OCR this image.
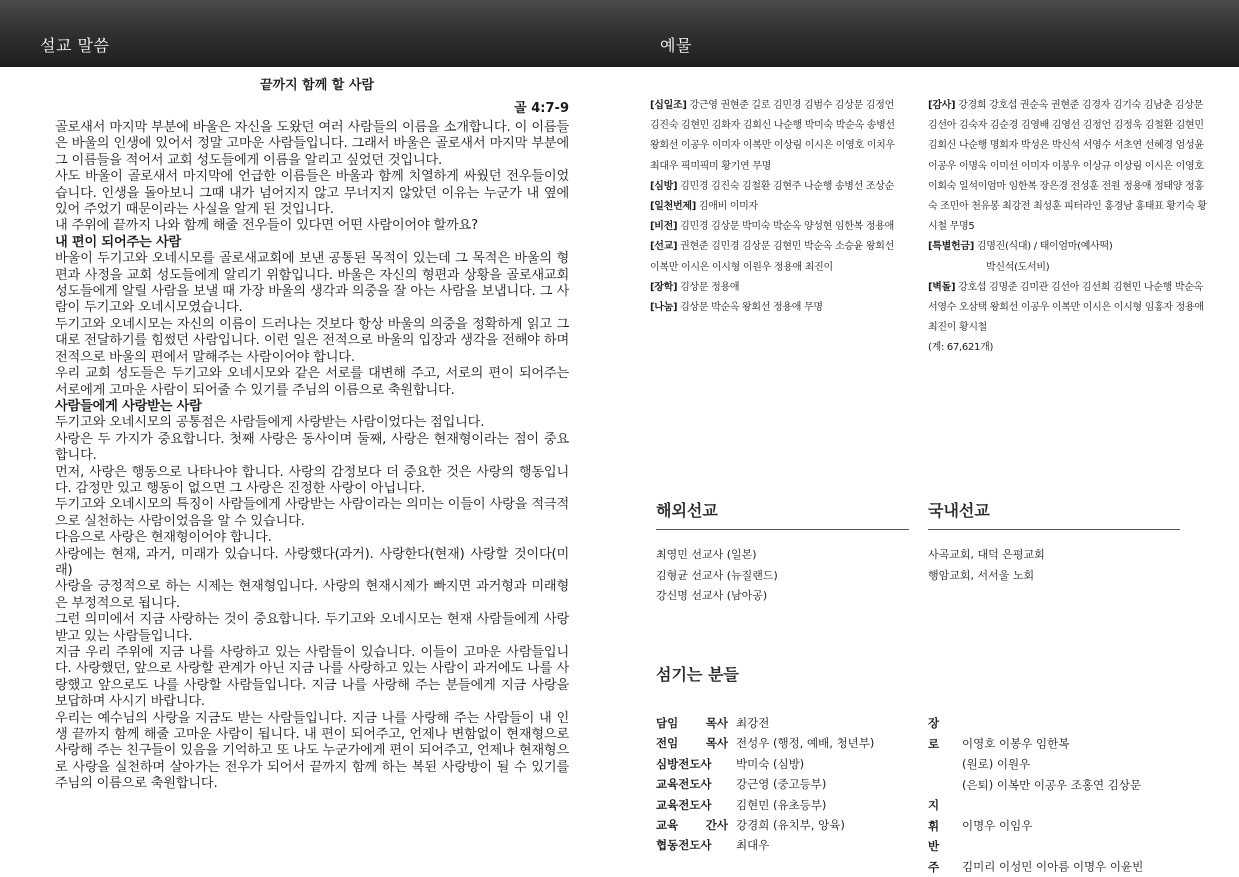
설교 말씀	예물
끝까지 함께 할 사람
골 4:7-9

골로새서 마지막 부분에 바울은 자신을 도왔던 여러 사람들의 이름을 소개합니다. 이 이름들은 바울의 인생에 있어서 정말 고마운 사람들입니다. 그래서 바울은 골로새서 마지막 부분에 그 이름들을 적어서 교회 성도들에게 이름을 알리고 싶었던 것입니다.

사도 바울이 골로새서 마지막에 언급한 이름들은 바울과 함께 치열하게 싸웠던 전우들이었습니다. 인생을 돌아보니 그때 내가 넘어지지 않고 무너지지 않았던 이유는 누군가 내 옆에 있어 주었기 때문이라는 사실을 알게 된 것입니다.

내 주위에 끝까지 나와 함께 해줄 전우들이 있다면 어떤 사람이어야 할까요?

내 편이 되어주는 사람

바울이 두기고와 오네시모를 골로새교회에 보낸 공통된 목적이 있는데 그 목적은 바울의 형편과 사정을 교회 성도들에게 알리기 위함입니다. 바울은 자신의 형편과 상황을 골로새교회 성도들에게 알릴 사람을 보낼 때 가장 바울의 생각과 의중을 잘 아는 사람을 보냅니다. 그 사람이 두기고와 오네시모였습니다.

두기고와 오네시모는 자신의 이름이 드러나는 것보다 항상 바울의 의중을 정확하게 읽고 그대로 전달하기를 힘썼던 사람입니다. 이런 일은 전적으로 바울의 입장과 생각을 전해야 하며 전적으로 바울의 편에서 말해주는 사람이어야 합니다.

우리 교회 성도들은 두기고와 오네시모와 같은 서로를 대변해 주고, 서로의 편이 되어주는 서로에게 고마운 사람이 되어줄 수 있기를 주님의 이름으로 축원합니다.

사람들에게 사랑받는 사람

두기고와 오네시모의 공통점은 사람들에게 사랑받는 사람이었다는 점입니다.

사랑은 두 가지가 중요합니다. 첫째 사랑은 동사이며 둘째, 사랑은 현재형이라는 점이 중요합니다.

먼저, 사랑은 행동으로 나타나야 합니다. 사랑의 감정보다 더 중요한 것은 사랑의 행동입니다. 감정만 있고 행동이 없으면 그 사랑은 진정한 사랑이 아닙니다.

두기고와 오네시모의 특징이 사람들에게 사랑받는 사람이라는 의미는 이들이 사랑을 적극적으로 실천하는 사람이었음을 알 수 있습니다.

다음으로 사랑은 현재형이어야 합니다.

사랑에는 현재, 과거, 미래가 있습니다. 사랑했다(과거). 사랑한다(현재) 사랑할 것이다(미래)

사랑을 긍정적으로 하는 시제는 현재형입니다. 사랑의 현재시제가 빠지면 과거형과 미래형은 부정적으로 됩니다.

그런 의미에서 지금 사랑하는 것이 중요합니다. 두기고와 오네시모는 현재 사람들에게 사랑받고 있는 사람들입니다.

지금 우리 주위에 지금 나를 사랑하고 있는 사람들이 있습니다. 이들이 고마운 사람들입니다. 사랑했던, 앞으로 사랑할 관계가 아닌 지금 나를 사랑하고 있는 사람이 과거에도 나를 사랑했고 앞으로도 나를 사랑할 사람들입니다. 지금 나를 사랑해 주는 분들에게 지금 사랑을 보답하며 사시기 바랍니다.

우리는 예수님의 사랑을 지금도 받는 사람들입니다. 지금 나를 사랑해 주는 사람들이 내 인생 끝까지 함께 해줄 고마운 사람이 됩니다. 내 편이 되어주고, 언제나 변함없이 현재형으로 사랑해 주는 친구들이 있음을 기억하고 또 나도 누군가에게 편이 되어주고, 언제나 현재형으로 사랑을 실천하며 살아가는 전우가 되어서 끝까지 함께 하는 복된 사랑방이 될 수 있기를 주님의 이름으로 축원합니다.

[십일조] 강근영 권현준 길로 김민경 김범수 김상문 김정언 김진숙 김현민 김화자 김회신 나순행 박미숙 박순옥 송병선 왕회선 이공우 이미자 이복만 이상림 이시은 이영호 이치우 최대우 픽미픽미 황기연 무명
[심방] 김민경 김진숙 김철환 김현주 나순행 송병선 조상순
[일천번제] 김애비 이미자
[비전] 김민경 김상문 박미숙 박순옥 양성현 임한복 정용애
[선교] 권현준 김민경 김상문 김현민 박순옥 소승윤 왕회선 이복만 이시은 이시형 이원우 정용애 최진이
[장학] 김상문 정용애
[나눔] 김상문 박순옥 왕회선 정용애 무명
[감사] 강경희 강호섭 권순옥 권현준 김경자 김기숙 김남춘 김상문 김선아 김숙자 김순경 김영배 김영선 김정언 김정욱 김철환 김현민 김회신 나순행 명회자 박성은 박신석 서영수 서초연 선혜경 엄성윤 이공우 이명옥 이미선 이미자 이봉우 이상규 이상림 이시은 이영호 이회숙 일석이엄마 임한복 장은경 전성훈 전원 정용애 정태양 정홍숙 조민아 천유봉 최강전 최성훈 피터라인 홍경남 홍태표 황기숙 황시철 무명5
[특별헌금] 김명진(식대) / 태이엄마(예사떡)
박신석(도서비)
[벽돌] 강호섭 김명준 김미관 김선아 김선희 김현민 나순행 박순옥 서영수 오삼택 왕회선 이공우 이복만 이시은 이시형 임홍자 정용애 최진이 황시철
(계: 67,621개)
해외선교	국내선교
최영민 선교사 (일본)
김형균 선교사 (뉴질랜드)
강신명 선교사 (남아공)
사곡교회, 대덕 은평교회
행암교회, 서서울 노회
섬기는 분들
담임 목사 최강전
전임 목사 전성우 (행정, 예배, 청년부)
심방전도사 박미숙 (심방)
교육전도사 강근영 (중고등부)
교육전도사 김현민 (유초등부)
교육 간사 강경희 (유치부, 앙육)
협동전도사 최대우
장 로 이영호 이봉우 임한복
(원로) 이원우
(은퇴) 이복만 이공우 조홍연 김상문
지 휘 이명우 이임우
반 주 김미리 이성민 이아름 이명우 이윤빈
